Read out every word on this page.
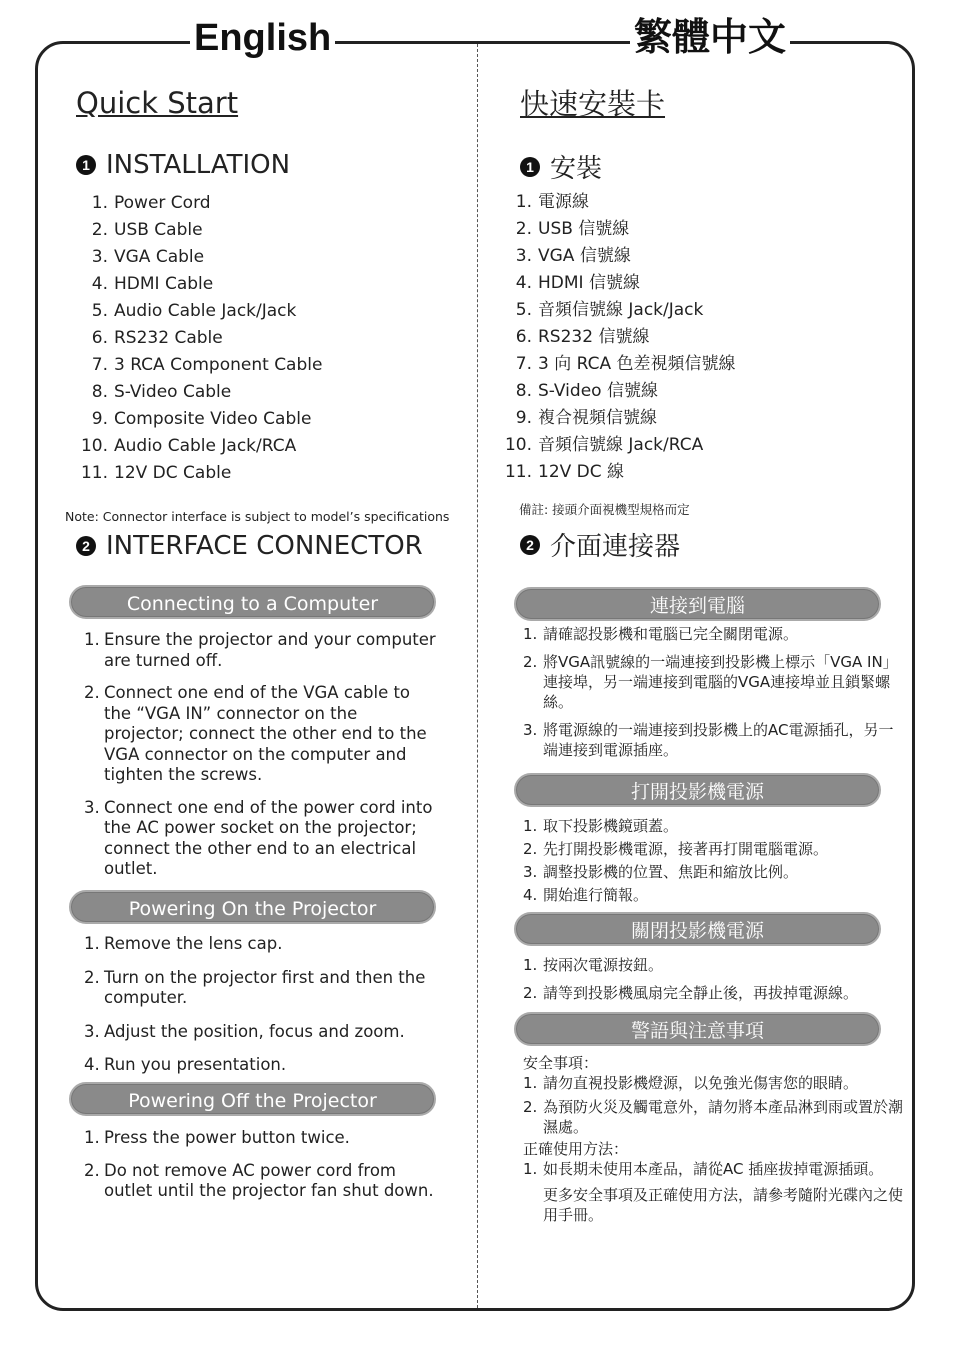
English	繁體中文
Quick Start
1 INSTALLATION
1. Power Cord
2. USB Cable
3. VGA Cable
4. HDMI Cable
5. Audio Cable Jack/Jack
6. RS232 Cable
7. 3 RCA Component Cable
8. S-Video Cable
9. Composite Video Cable
10. Audio Cable Jack/RCA
11. 12V DC Cable
Note: Connector interface is subject to model’s specifications
2 INTERFACE CONNECTOR
Connecting to a Computer
1. Ensure the projector and your computer are turned off.
2. Connect one end of the VGA cable to the “VGA IN” connector on the projector; connect the other end to the VGA connector on the computer and tighten the screws.
3. Connect one end of the power cord into the AC power socket on the projector; connect the other end to an electrical outlet.
Powering On the Projector
1. Remove the lens cap.
2. Turn on the projector first and then the computer.
3. Adjust the position, focus and zoom.
4. Run you presentation.
Powering Off the Projector
1. Press the power button twice.
2. Do not remove AC power cord from outlet until the projector fan shut down.
快速安裝卡
1 安裝
1. 電源線
2. USB 信號線
3. VGA 信號線
4. HDMI 信號線
5. 音頻信號線 Jack/Jack
6. RS232 信號線
7. 3 向 RCA 色差視頻信號線
8. S-Video 信號線
9. 複合視頻信號線
10. 音頻信號線 Jack/RCA
11. 12V DC 線
備註: 接頭介面視機型規格而定
2 介面連接器
連接到電腦
1. 請確認投影機和電腦已完全關閉電源。
2. 將VGA訊號線的一端連接到投影機上標示「VGA IN」連接埠，另一端連接到電腦的VGA連接埠並且鎖緊螺絲。
3. 將電源線的一端連接到投影機上的AC電源插孔，另一端連接到電源插座。
打開投影機電源
1. 取下投影機鏡頭蓋。
2. 先打開投影機電源，接著再打開電腦電源。
3. 調整投影機的位置、焦距和縮放比例。
4. 開始進行簡報。
關閉投影機電源
1. 按兩次電源按鈕。
2. 請等到投影機風扇完全靜止後，再拔掉電源線。
警語與注意事項
安全事項：
1. 請勿直視投影機燈源，以免強光傷害您的眼睛。
2. 為預防火災及觸電意外，請勿將本產品淋到雨或置於潮濕處。
正確使用方法：
1. 如長期未使用本產品，請從AC 插座拔掉電源插頭。
更多安全事項及正確使用方法，請參考隨附光碟內之使用手冊。
